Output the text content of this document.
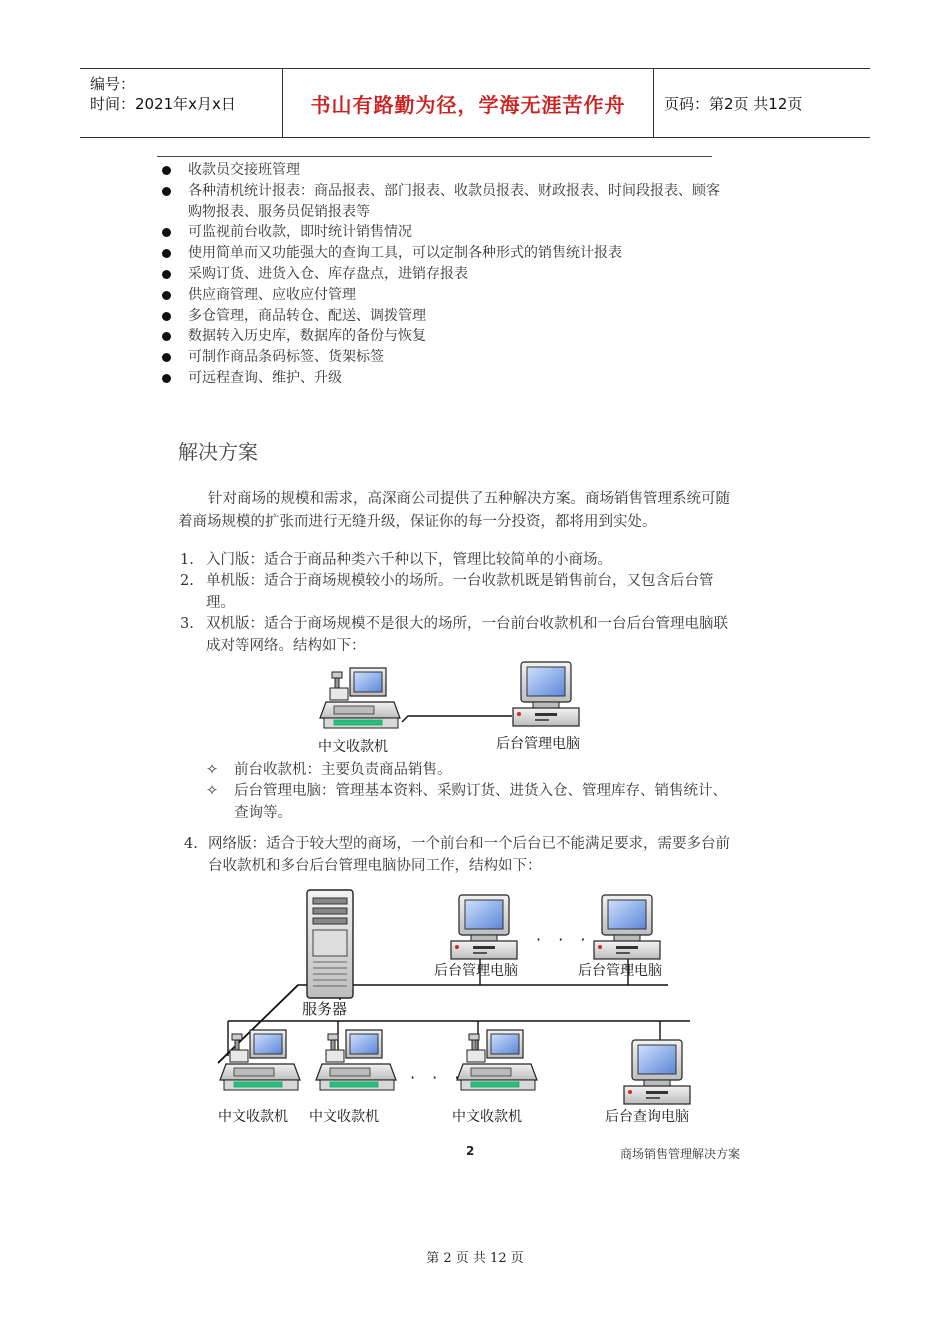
编号：
时间：2021年x月x日	书山有路勤为径，学海无涯苦作舟	页码：第2页 共12页
收款员交接班管理
各种清机统计报表：商品报表、部门报表、收款员报表、财政报表、时间段报表、顾客购物报表、服务员促销报表等
可监视前台收款，即时统计销售情况
使用简单而又功能强大的查询工具，可以定制各种形式的销售统计报表
采购订货、进货入仓、库存盘点，进销存报表
供应商管理、应收应付管理
多仓管理，商品转仓、配送、调拨管理
数据转入历史库，数据库的备份与恢复
可制作商品条码标签、货架标签
可远程查询、维护、升级
解决方案
针对商场的规模和需求，高深商公司提供了五种解决方案。商场销售管理系统可随着商场规模的扩张而进行无缝升级，保证你的每一分投资，都将用到实处。
1. 入门版：适合于商品种类六千种以下，管理比较简单的小商场。
2. 单机版：适合于商场规模较小的场所。一台收款机既是销售前台，又包含后台管理。
3. 双机版：适合于商场规模不是很大的场所，一台前台收款机和一台后台管理电脑联成对等网络。结构如下：
中文收款机	后台管理电脑
✧ 前台收款机：主要负责商品销售。
✧ 后台管理电脑：管理基本资料、采购订货、进货入仓、管理库存、销售统计、查询等。
4. 网络版：适合于较大型的商场，一个前台和一个后台已不能满足要求，需要多台前台收款机和多台后台管理电脑协同工作，结构如下：
后台管理电脑	后台管理电脑
· · ·
服务器
· · ·
中文收款机 中文收款机	中文收款机	后台查询电脑
2	商场销售管理解决方案
第 2 页 共 12 页
